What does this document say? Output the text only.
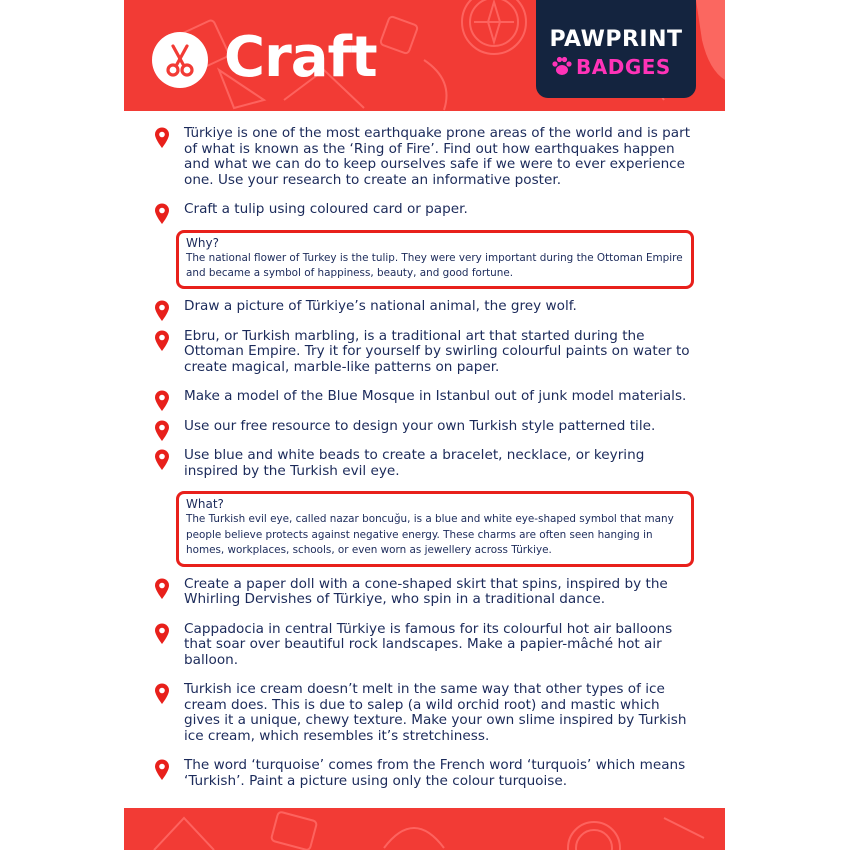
Craft	PAWPRINT
BADGES
Türkiye is one of the most earthquake prone areas of the world and is part of what is known as the ‘Ring of Fire’. Find out how earthquakes happen and what we can do to keep ourselves safe if we were to ever experience one. Use your research to create an informative poster.
Craft a tulip using coloured card or paper.
Why?
The national flower of Turkey is the tulip. They were very important during the Ottoman Empire and became a symbol of happiness, beauty, and good fortune.
Draw a picture of Türkiye’s national animal, the grey wolf.
Ebru, or Turkish marbling, is a traditional art that started during the Ottoman Empire. Try it for yourself by swirling colourful paints on water to create magical, marble-like patterns on paper.
Make a model of the Blue Mosque in Istanbul out of junk model materials.
Use our free resource to design your own Turkish style patterned tile.
Use blue and white beads to create a bracelet, necklace, or keyring inspired by the Turkish evil eye.
What?
The Turkish evil eye, called nazar boncuğu, is a blue and white eye-shaped symbol that many people believe protects against negative energy. These charms are often seen hanging in homes, workplaces, schools, or even worn as jewellery across Türkiye.
Create a paper doll with a cone-shaped skirt that spins, inspired by the Whirling Dervishes of Türkiye, who spin in a traditional dance.
Cappadocia in central Türkiye is famous for its colourful hot air balloons that soar over beautiful rock landscapes. Make a papier-mâché hot air balloon.
Turkish ice cream doesn’t melt in the same way that other types of ice cream does. This is due to salep (a wild orchid root) and mastic which gives it a unique, chewy texture. Make your own slime inspired by Turkish ice cream, which resembles it’s stretchiness.
The word ‘turquoise’ comes from the French word ‘turquois’ which means ‘Turkish’. Paint a picture using only the colour turquoise.
